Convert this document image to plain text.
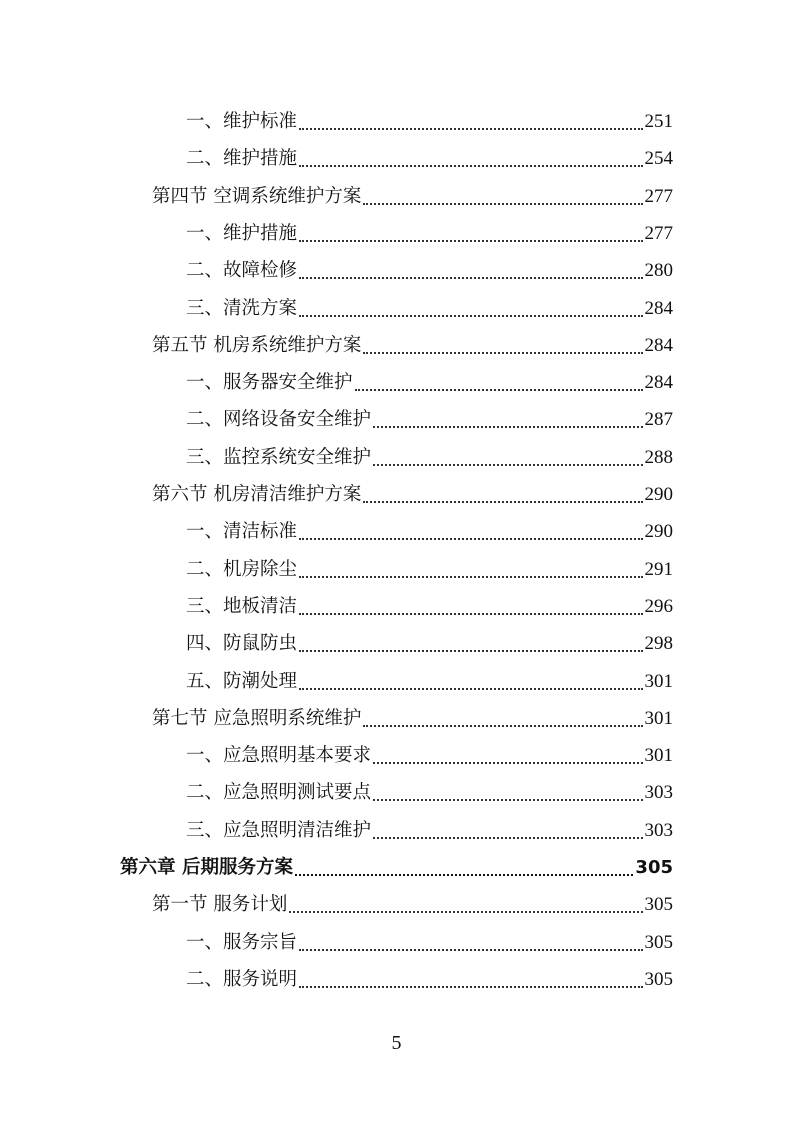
一、维护标准	251
二、维护措施	254
第四节 空调系统维护方案	277
一、维护措施	277
二、故障检修	280
三、清洗方案	284
第五节 机房系统维护方案	284
一、服务器安全维护	284
二、网络设备安全维护	287
三、监控系统安全维护	288
第六节 机房清洁维护方案	290
一、清洁标准	290
二、机房除尘	291
三、地板清洁	296
四、防鼠防虫	298
五、防潮处理	301
第七节 应急照明系统维护	301
一、应急照明基本要求	301
二、应急照明测试要点	303
三、应急照明清洁维护	303
第六章 后期服务方案	305
第一节 服务计划	305
一、服务宗旨	305
二、服务说明	305
5
